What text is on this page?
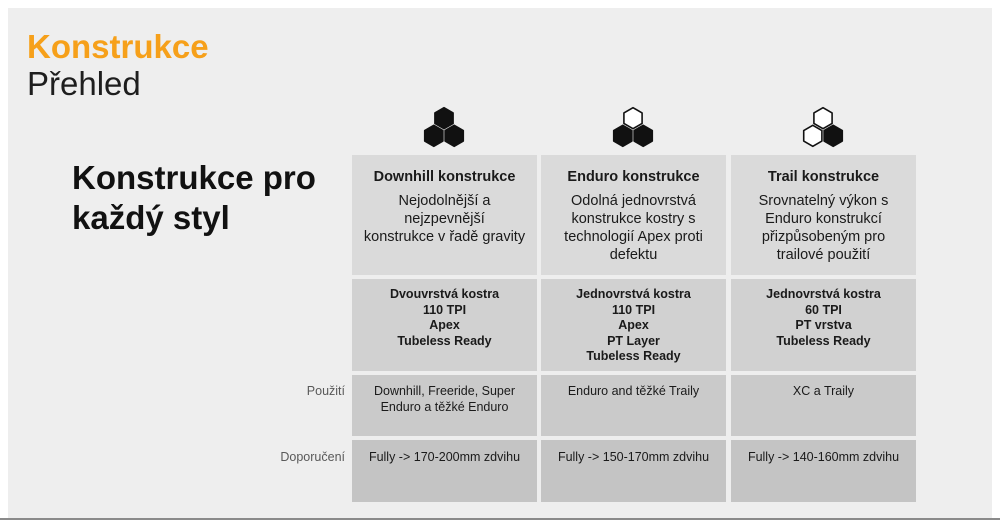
Konstrukce
Přehled
Konstrukce pro
každý styl
Použití
Doporučení
Downhill konstrukce
Nejodolnější a
nejzpevnější
konstrukce v řadě gravity
Dvouvrstvá kostra
110 TPI
Apex
Tubeless Ready
Downhill, Freeride, Super
Enduro a těžké Enduro
Fully -> 170-200mm zdvihu
Enduro konstrukce
Odolná jednovrstvá
konstrukce kostry s
technologií Apex proti
defektu
Jednovrstvá kostra
110 TPI
Apex
PT Layer
Tubeless Ready
Enduro and těžké Traily
Fully -> 150-170mm zdvihu
Trail konstrukce
Srovnatelný výkon s
Enduro konstrukcí
přizpůsobeným pro
trailové použití
Jednovrstvá kostra
60 TPI
PT vrstva
Tubeless Ready
XC a Traily
Fully -> 140-160mm zdvihu
